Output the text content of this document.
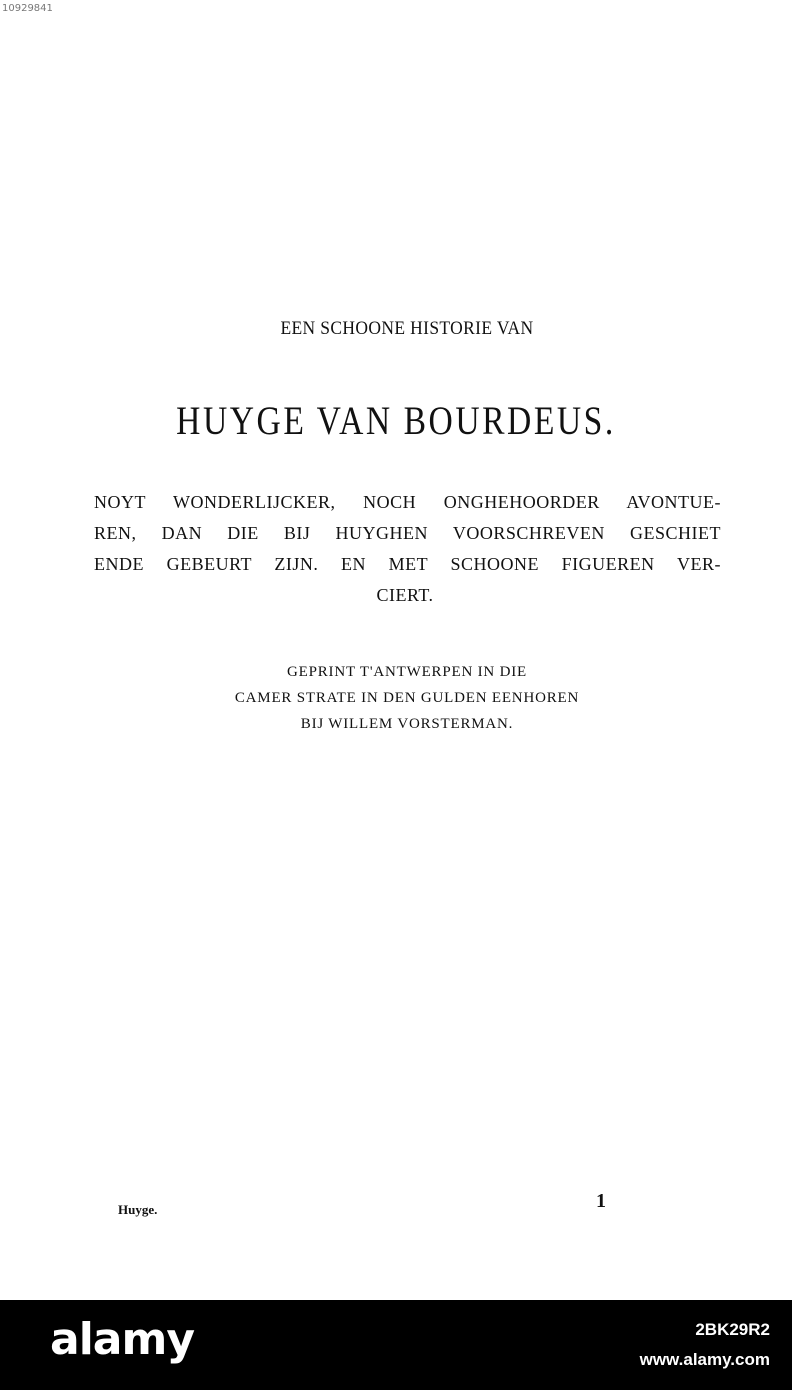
10929841
EEN SCHOONE HISTORIE VAN
HUYGE VAN BOURDEUS.
NOYT WONDERLIJCKER, NOCH ONGHEHOORDER AVONTUE-
REN, DAN DIE BIJ HUYGHEN VOORSCHREVEN GESCHIET
ENDE GEBEURT ZIJN. EN MET SCHOONE FIGUEREN VER-
CIERT.
GEPRINT T'ANTWERPEN IN DIE
CAMER STRATE IN DEN GULDEN EENHOREN
BIJ WILLEM VORSTERMAN.
Huyge.	1
alamy	2BK29R2
www.alamy.com
